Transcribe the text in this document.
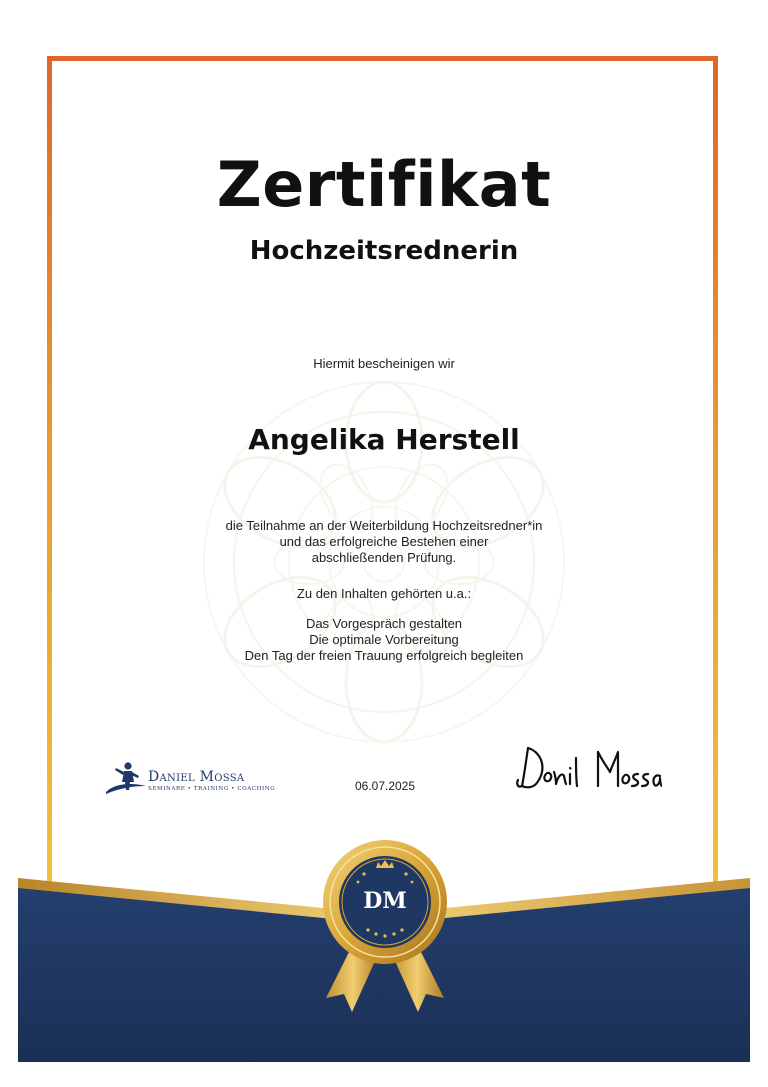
Zertifikat
Hochzeitsrednerin
Hiermit bescheinigen wir
Angelika Herstell
die Teilnahme an der Weiterbildung Hochzeitsredner*in
und das erfolgreiche Bestehen einer
abschließenden Prüfung.
Zu den Inhalten gehörten u.a.:
Das Vorgespräch gestalten
Die optimale Vorbereitung
Den Tag der freien Trauung erfolgreich begleiten
Daniel Mossa
SEMINARE • TRAINING • COACHING	06.07.2025
DM
